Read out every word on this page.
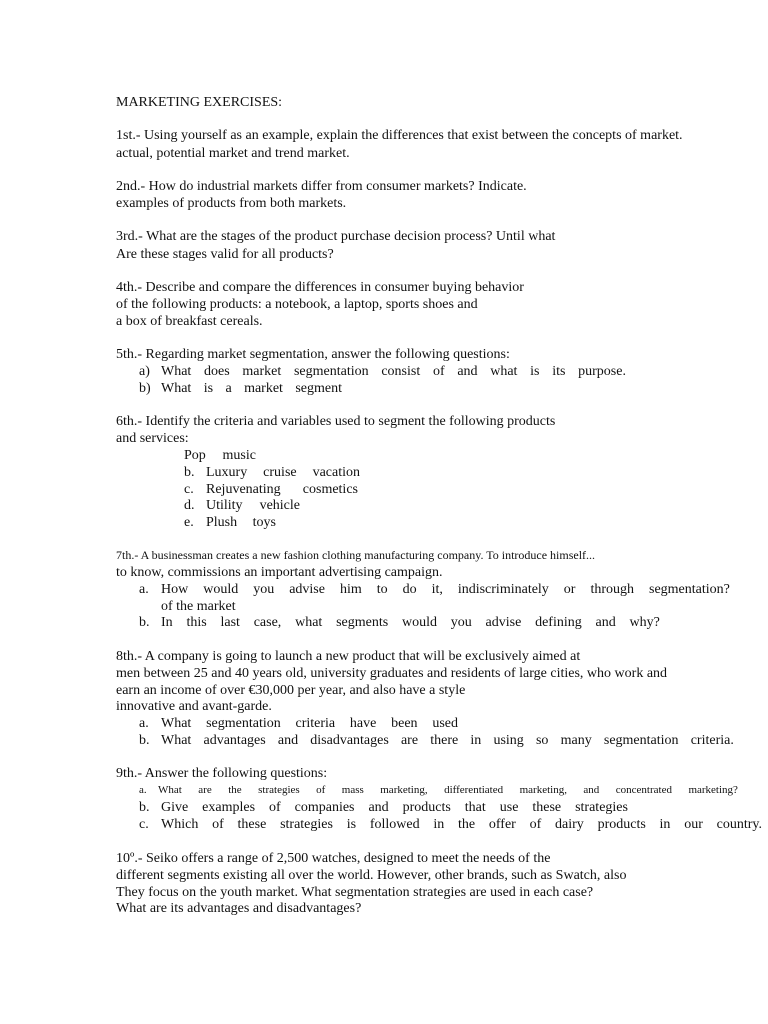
MARKETING EXERCISES:
1st.- Using yourself as an example, explain the differences that exist between the concepts of market.
actual, potential market and trend market.
2nd.- How do industrial markets differ from consumer markets? Indicate.
examples of products from both markets.
3rd.- What are the stages of the product purchase decision process? Until what
Are these stages valid for all products?
4th.- Describe and compare the differences in consumer buying behavior
of the following products: a notebook, a laptop, sports shoes and
a box of breakfast cereals.
5th.- Regarding market segmentation, answer the following questions:
a) What does market segmentation consist of and what is its purpose.
b) What is a market segment
6th.- Identify the criteria and variables used to segment the following products
and services:
Pop music
b. Luxury cruise vacation
c. Rejuvenating cosmetics
d. Utility vehicle
e. Plush toys
7th.- A businessman creates a new fashion clothing manufacturing company. To introduce himself...
to know, commissions an important advertising campaign.
a. How would you advise him to do it, indiscriminately or through segmentation?
of the market
b. In this last case, what segments would you advise defining and why?
8th.- A company is going to launch a new product that will be exclusively aimed at
men between 25 and 40 years old, university graduates and residents of large cities, who work and
earn an income of over €30,000 per year, and also have a style
innovative and avant-garde.
a. What segmentation criteria have been used
b. What advantages and disadvantages are there in using so many segmentation criteria.
9th.- Answer the following questions:
a. What are the strategies of mass marketing, differentiated marketing, and concentrated marketing?
b. Give examples of companies and products that use these strategies
c. Which of these strategies is followed in the offer of dairy products in our country.
10º.- Seiko offers a range of 2,500 watches, designed to meet the needs of the
different segments existing all over the world. However, other brands, such as Swatch, also
They focus on the youth market. What segmentation strategies are used in each case?
What are its advantages and disadvantages?
